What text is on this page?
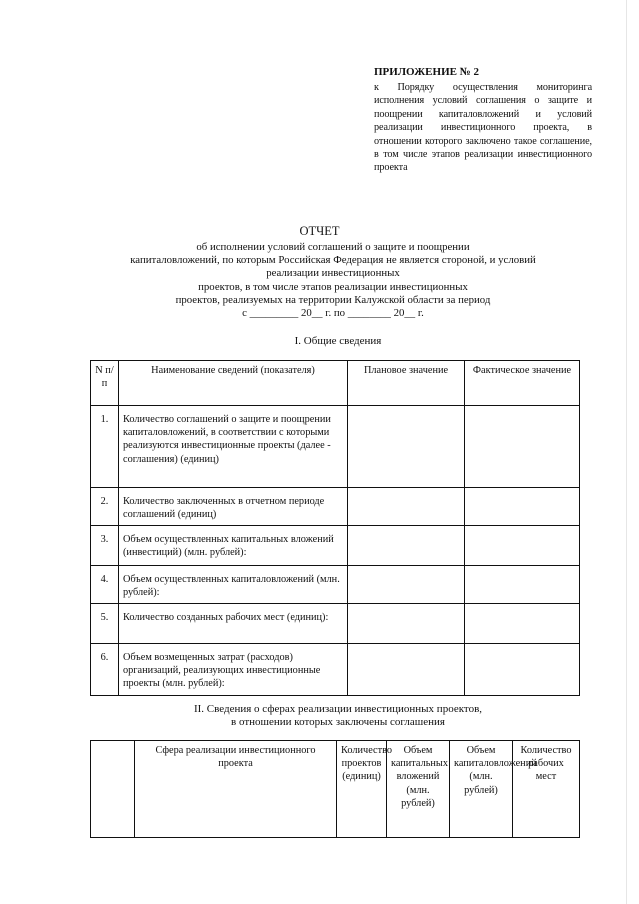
ПРИЛОЖЕНИЕ № 2
к Порядку осуществления мониторинга исполнения условий соглашения о защите и поощрении капиталовложений и условий реализации инвестиционного проекта, в отношении которого заключено такое соглашение, в том числе этапов реализации инвестиционного проекта
ОТЧЕТ
об исполнении условий соглашений о защите и поощрении
капиталовложений, по которым Российская Федерация не является стороной, и условий
реализации инвестиционных
проектов, в том числе этапов реализации инвестиционных
проектов, реализуемых на территории Калужской области за период
с _________ 20__ г. по ________ 20__ г.
I. Общие сведения
N п/п	Наименование сведений (показателя)	Плановое значение	Фактическое значение
1.	Количество соглашений о защите и поощрении капиталовложений, в соответствии с которыми реализуются инвестиционные проекты (далее - соглашения) (единиц)		
2.	Количество заключенных в отчетном периоде соглашений (единиц)		
3.	Объем осуществленных капитальных вложений (инвестиций) (млн. рублей):		
4.	Объем осуществленных капиталовложений (млн. рублей):		
5.	Количество созданных рабочих мест (единиц):		
6.	Объем возмещенных затрат (расходов) организаций, реализующих инвестиционные проекты (млн. рублей):		
II. Сведения о сферах реализации инвестиционных проектов,
в отношении которых заключены соглашения
	Сфера реализации инвестиционного проекта	Количество проектов (единиц)	Объем капитальных вложений (млн. рублей)	Объем капиталовложений (млн. рублей)	Количество рабочих мест
